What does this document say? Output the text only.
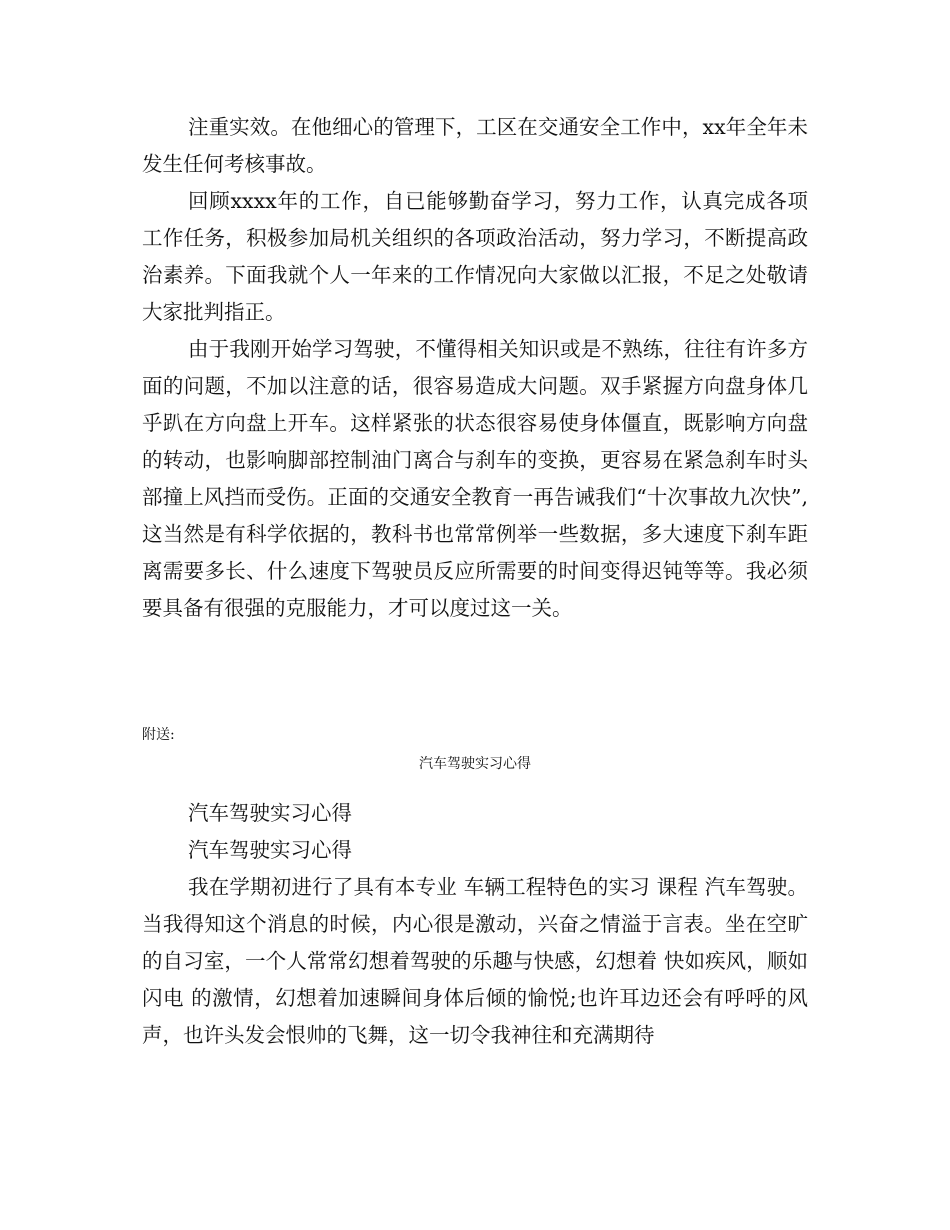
注重实效。在他细心的管理下，工区在交通安全工作中，xx年全年未发生任何考核事故。

回顾xxxx年的工作，自已能够勤奋学习，努力工作，认真完成各项工作任务，积极参加局机关组织的各项政治活动，努力学习，不断提高政治素养。下面我就个人一年来的工作情况向大家做以汇报，不足之处敬请大家批判指正。

由于我刚开始学习驾驶，不懂得相关知识或是不熟练，往往有许多方面的问题，不加以注意的话，很容易造成大问题。双手紧握方向盘身体几乎趴在方向盘上开车。这样紧张的状态很容易使身体僵直，既影响方向盘的转动，也影响脚部控制油门离合与刹车的变换，更容易在紧急刹车时头部撞上风挡而受伤。正面的交通安全教育一再告诫我们“十次事故九次快”,这当然是有科学依据的，教科书也常常例举一些数据，多大速度下刹车距离需要多长、什么速度下驾驶员反应所需要的时间变得迟钝等等。我必须要具备有很强的克服能力，才可以度过这一关。

附送:
汽车驾驶实习心得

汽车驾驶实习心得

汽车驾驶实习心得

我在学期初进行了具有本专业 车辆工程特色的实习 课程 汽车驾驶。当我得知这个消息的时候，内心很是激动，兴奋之情溢于言表。坐在空旷的自习室，一个人常常幻想着驾驶的乐趣与快感，幻想着 快如疾风，顺如闪电 的激情，幻想着加速瞬间身体后倾的愉悦;也许耳边还会有呼呼的风声，也许头发会恨帅的飞舞，这一切令我神往和充满期待
